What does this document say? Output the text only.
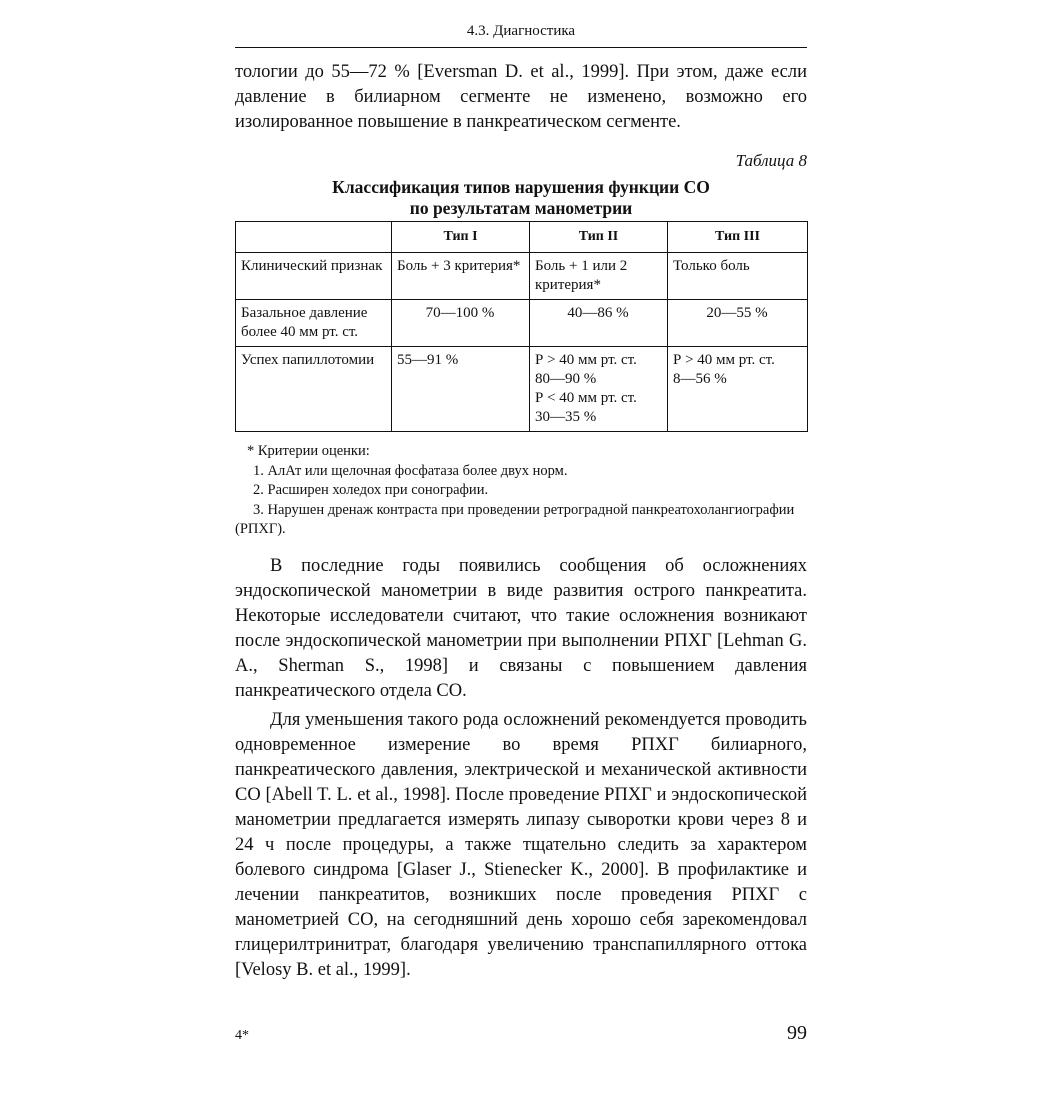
4.3. Диагностика

тологии до 55—72 % [Eversman D. et al., 1999]. При этом, даже если давление в билиарном сегменте не изменено, возможно его изолированное повышение в панкреатическом сегменте.

Таблица 8
Классификация типов нарушения функции СО
по результатам манометрии
	Тип I	Тип II	Тип III
Клинический признак	Боль + 3 критерия*	Боль + 1 или 2 критерия*	Только боль

Базальное давление более 40 мм рт. ст.	70—100 %	40—86 %	20—55 %

Успех папиллотомии	55—91 %	Р > 40 мм рт. ст.
80—90 %
Р < 40 мм рт. ст.
30—35 %	Р > 40 мм рт. ст.
8—56 %
* Критерии оценки:
1. АлАт или щелочная фосфатаза более двух норм.
2. Расширен холедох при сонографии.
3. Нарушен дренаж контраста при проведении ретроградной панкреатохолангиографии (РПХГ).

В последние годы появились сообщения об осложнениях эндоскопической манометрии в виде развития острого панкреатита. Некоторые исследователи считают, что такие осложнения возникают после эндоскопической манометрии при выполнении РПХГ [Lehman G. A., Sherman S., 1998] и связаны с повышением давления панкреатического отдела СО.

Для уменьшения такого рода осложнений рекомендуется проводить одновременное измерение во время РПХГ билиарного, панкреатического давления, электрической и механической активности СО [Abell T. L. et al., 1998]. После проведение РПХГ и эндоскопической манометрии предлагается измерять липазу сыворотки крови через 8 и 24 ч после процедуры, а также тщательно следить за характером болевого синдрома [Glaser J., Stienecker K., 2000]. В профилактике и лечении панкреатитов, возникших после проведения РПХГ с манометрией СО, на сегодняшний день хорошо себя зарекомендовал глицерилтринитрат, благодаря увеличению транспапиллярного оттока [Velosy B. et al., 1999].

4*	99
